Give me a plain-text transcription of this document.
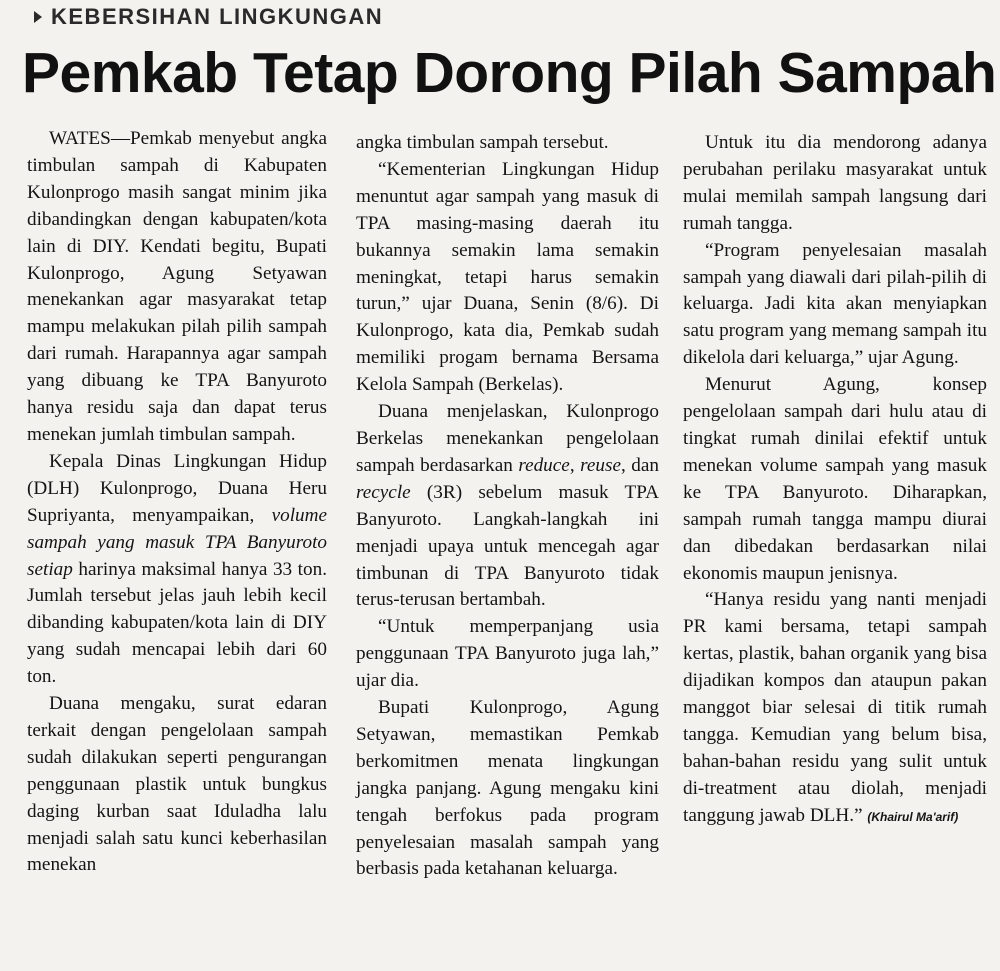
KEBERSIHAN LINGKUNGAN
Pemkab Tetap Dorong Pilah Sampah

WATES—Pemkab menyebut angka timbulan sampah di Kabupaten Kulonprogo masih sangat minim jika dibandingkan dengan kabupaten/kota lain di DIY. Kendati begitu, Bupati Kulonprogo, Agung Setyawan menekankan agar masyarakat tetap mampu melakukan pilah pilih sampah dari rumah. Harapannya agar sampah yang dibuang ke TPA Banyuroto hanya residu saja dan dapat terus menekan jumlah timbulan sampah.

Kepala Dinas Lingkungan Hidup (DLH) Kulonprogo, Duana Heru Supriyanta, menyampaikan, volume sampah yang masuk TPA Banyuroto setiap harinya maksimal hanya 33 ton. Jumlah tersebut jelas jauh lebih kecil dibanding kabupaten/kota lain di DIY yang sudah mencapai lebih dari 60 ton.

Duana mengaku, surat edaran terkait dengan pengelolaan sampah sudah dilakukan seperti pengurangan penggunaan plastik untuk bungkus daging kurban saat Iduladha lalu menjadi salah satu kunci keberhasilan menekan

angka timbulan sampah tersebut.

“Kementerian Lingkungan Hidup menuntut agar sampah yang masuk di TPA masing-masing daerah itu bukannya semakin lama semakin meningkat, tetapi harus semakin turun,” ujar Duana, Senin (8/6). Di Kulonprogo, kata dia, Pemkab sudah memiliki progam bernama Bersama Kelola Sampah (Berkelas).

Duana menjelaskan, Kulonprogo Berkelas menekankan pengelolaan sampah berdasarkan reduce, reuse, dan recycle (3R) sebelum masuk TPA Banyuroto. Langkah-langkah ini menjadi upaya untuk mencegah agar timbunan di TPA Banyuroto tidak terus-terusan bertambah.

“Untuk memperpanjang usia penggunaan TPA Banyuroto juga lah,” ujar dia.

Bupati Kulonprogo, Agung Setyawan, memastikan Pemkab berkomitmen menata lingkungan jangka panjang. Agung mengaku kini tengah berfokus pada program penyelesaian masalah sampah yang berbasis pada ketahanan keluarga.

Untuk itu dia mendorong adanya perubahan perilaku masyarakat untuk mulai memilah sampah langsung dari rumah tangga.

“Program penyelesaian masalah sampah yang diawali dari pilah-pilih di keluarga. Jadi kita akan menyiapkan satu program yang memang sampah itu dikelola dari keluarga,” ujar Agung.

Menurut Agung, konsep pengelolaan sampah dari hulu atau di tingkat rumah dinilai efektif untuk menekan volume sampah yang masuk ke TPA Banyuroto. Diharapkan, sampah rumah tangga mampu diurai dan dibedakan berdasarkan nilai ekonomis maupun jenisnya.

“Hanya residu yang nanti menjadi PR kami bersama, tetapi sampah kertas, plastik, bahan organik yang bisa dijadikan kompos dan ataupun pakan manggot biar selesai di titik rumah tangga. Kemudian yang belum bisa, bahan-bahan residu yang sulit untuk di-treatment atau diolah, menjadi tanggung jawab DLH.” (Khairul Ma'arif)
